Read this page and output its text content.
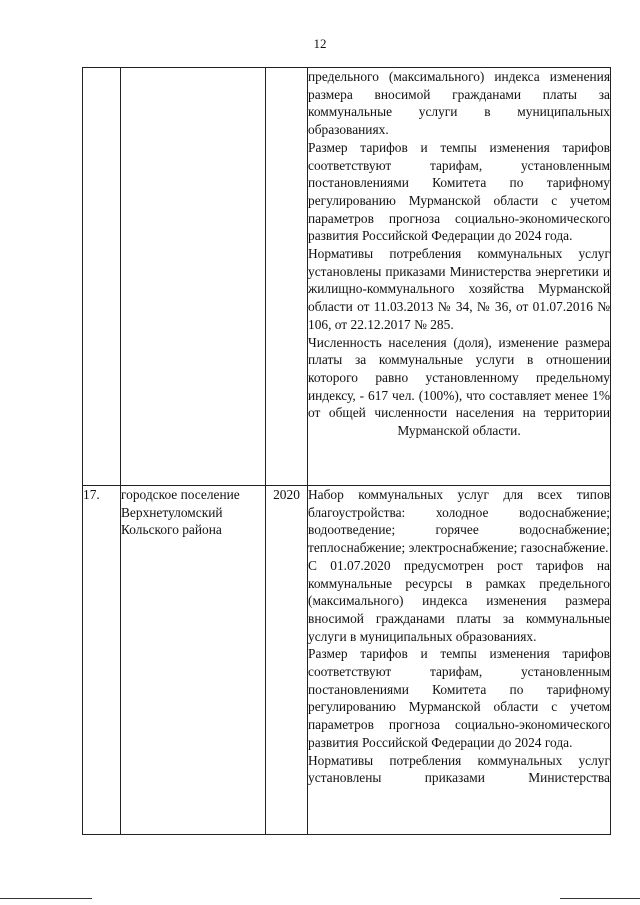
12

			предельного (максимального) индекса изменения размера вносимой гражданами платы за коммунальные услуги в муниципальных образованиях.
Размер тарифов и темпы изменения тарифов соответствуют тарифам, установленным постановлениями Комитета по тарифному регулированию Мурманской области с учетом параметров прогноза социально-экономического развития Российской Федерации до 2024 года.
Нормативы потребления коммунальных услуг установлены приказами Министерства энергетики и жилищно-коммунального хозяйства Мурманской области от 11.03.2013 № 34, № 36, от 01.07.2016 № 106, от 22.12.2017 № 285.
Численность населения (доля), изменение размера платы за коммунальные услуги в отношении которого равно установленному предельному индексу, - 617 чел. (100%), что составляет менее 1% от общей численности населения на территории Мурманской области.

17.	городское поселение Верхнетуломский Кольского района	2020	Набор коммунальных услуг для всех типов благоустройства: холодное водоснабжение; водоотведение; горячее водоснабжение; теплоснабжение; электроснабжение; газоснабжение.
С 01.07.2020 предусмотрен рост тарифов на коммунальные ресурсы в рамках предельного (максимального) индекса изменения размера вносимой гражданами платы за коммунальные услуги в муниципальных образованиях.
Размер тарифов и темпы изменения тарифов соответствуют тарифам, установленным постановлениями Комитета по тарифному регулированию Мурманской области с учетом параметров прогноза социально-экономического развития Российской Федерации до 2024 года.
Нормативы потребления коммунальных услуг установлены приказами Министерства
